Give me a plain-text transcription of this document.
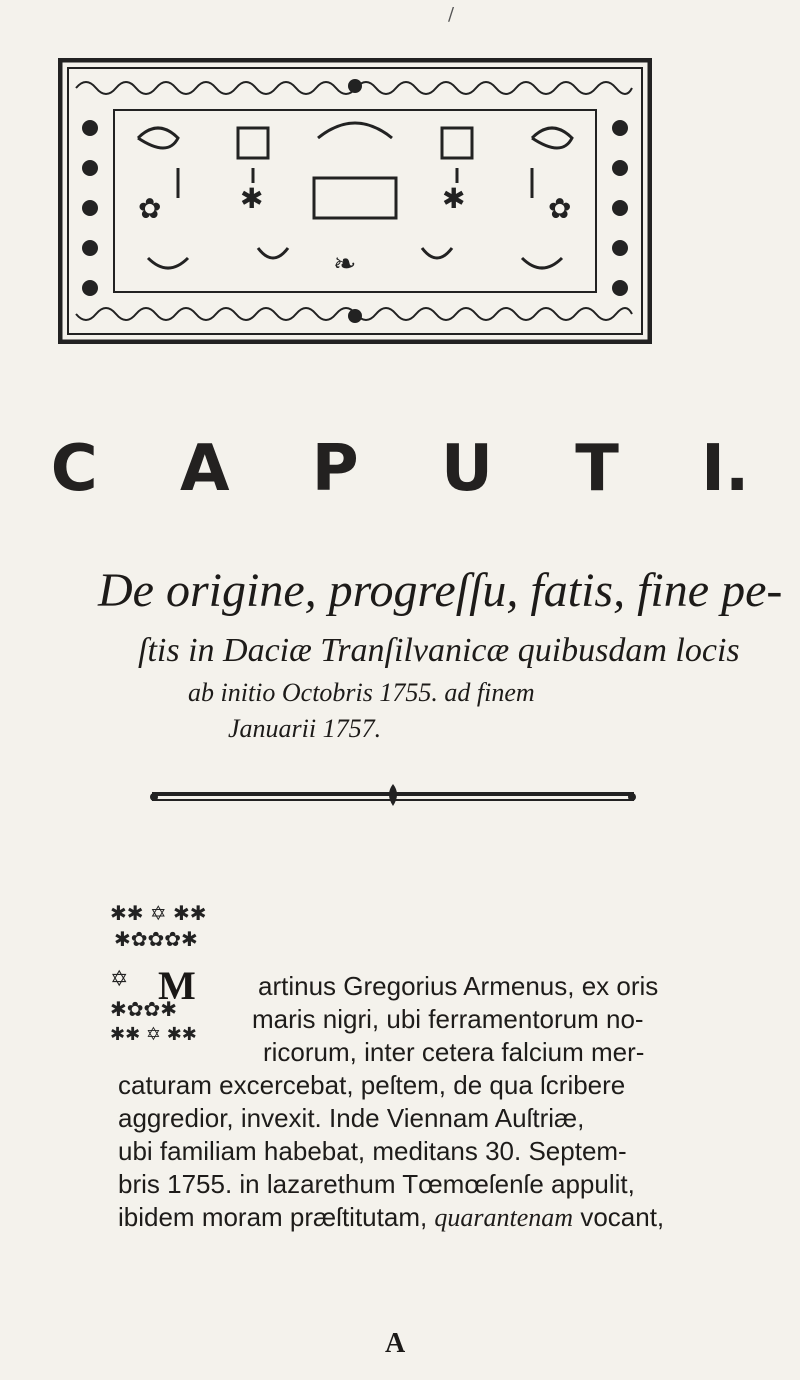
/
✱	✱
❧
✿	✿
C A P U T I.
De origine, progreſſu, fatis, fine pe-
ſtis in Daciæ Tranſilvanicæ quibusdam locis
ab initio Octobris 1755. ad finem
Januarii 1757.
✱✱ ✡ ✱✱
✱✿✿✿✱
✡
✱✿✿✱
✱✱ ✡ ✱✱
M	artinus Gregorius Armenus, ex oris
maris nigri, ubi ferramentorum no-
ricorum, inter cetera falcium mer-
caturam excercebat, peſtem, de qua ſcribere
aggredior, invexit. Inde Viennam Auſtriæ,
ubi familiam habebat, meditans 30. Septem-
bris 1755. in lazarethum Tœmœſenſe appulit,
ibidem moram præſtitutam, quarantenam vocant,
A
